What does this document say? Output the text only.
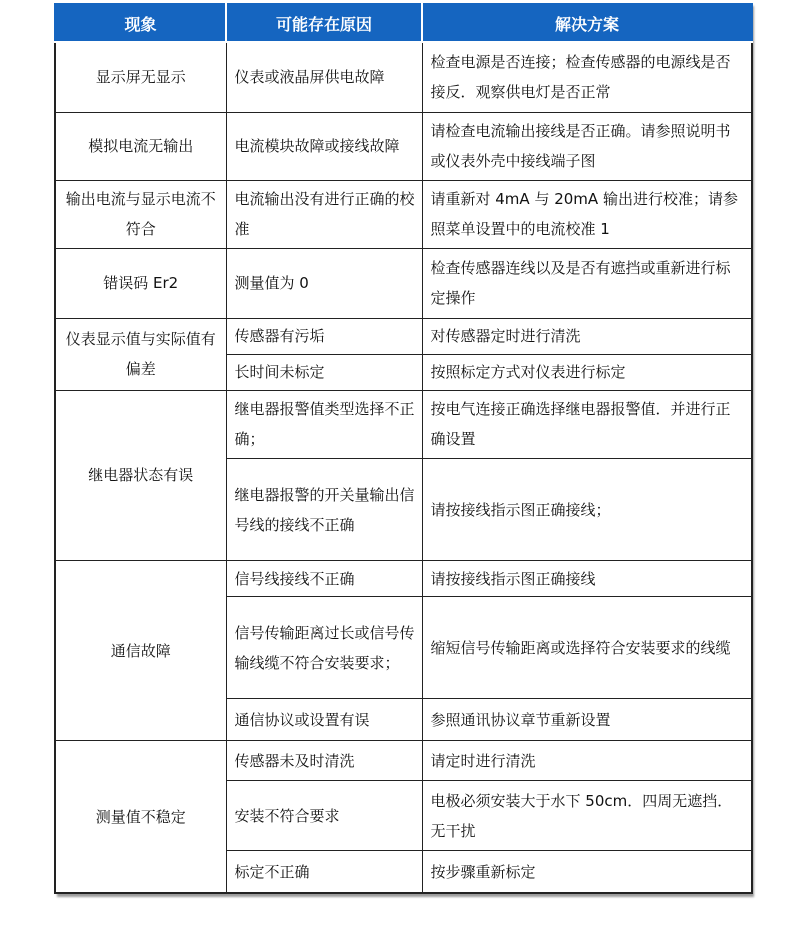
现象	可能存在原因	解决方案
显示屏无显示	仪表或液晶屏供电故障	检查电源是否连接；检查传感器的电源线是否接反．观察供电灯是否正常
模拟电流无输出	电流模块故障或接线故障	请检查电流输出接线是否正确。请参照说明书或仪表外壳中接线端子图
输出电流与显示电流不符合	电流输出没有进行正确的校准	请重新对 4mA 与 20mA 输出进行校准；请参照菜单设置中的电流校准 1
错误码 Er2	测量值为 0	检查传感器连线以及是否有遮挡或重新进行标定操作
仪表显示值与实际值有偏差	传感器有污垢	对传感器定时进行清洗
	长时间未标定	按照标定方式对仪表进行标定
继电器状态有误	继电器报警值类型选择不正确；	按电气连接正确选择继电器报警值．并进行正确设置
	继电器报警的开关量输出信号线的接线不正确	请按接线指示图正确接线；
通信故障	信号线接线不正确	请按接线指示图正确接线
	信号传输距离过长或信号传输线缆不符合安装要求；	缩短信号传输距离或选择符合安装要求的线缆
	通信协议或设置有误	参照通讯协议章节重新设置
测量值不稳定	传感器未及时清洗	请定时进行清洗
	安装不符合要求	电极必须安装大于水下 50cm．四周无遮挡．无干扰
	标定不正确	按步骤重新标定
